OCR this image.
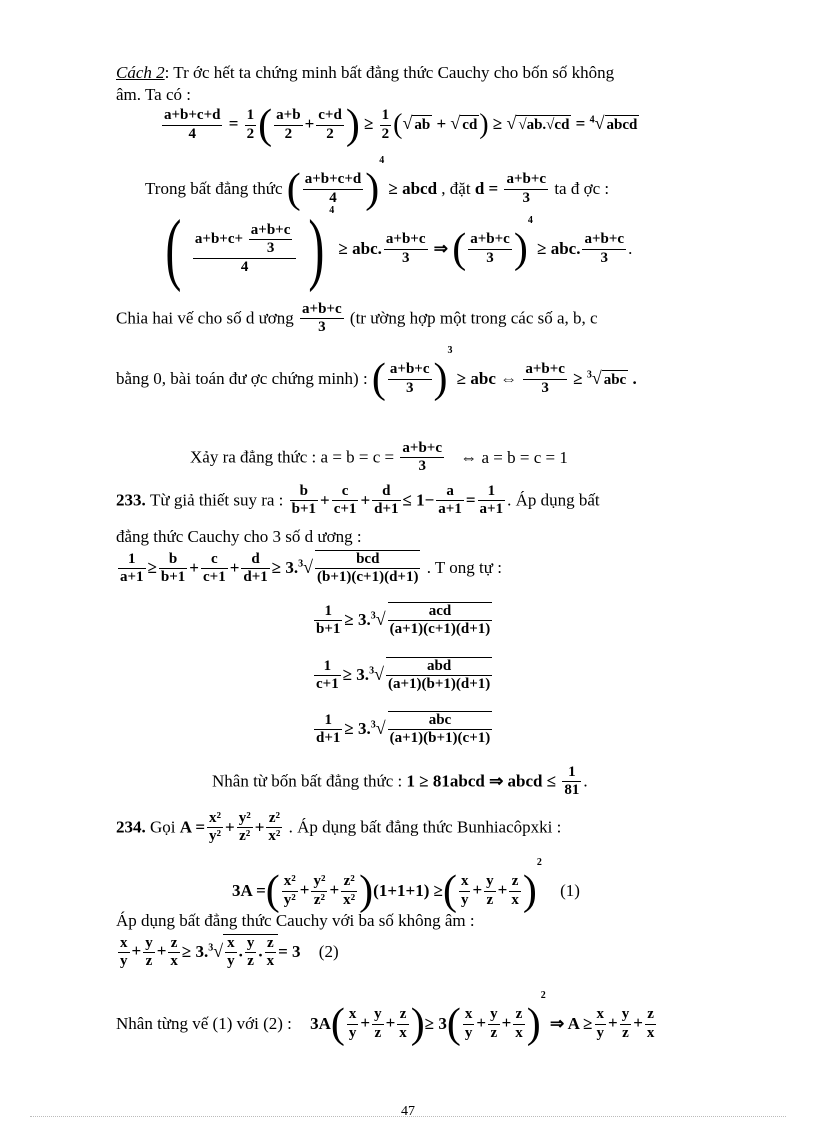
Cách 2: Tr ớc hết ta chứng minh bất đẳng thức Cauchy cho bốn số không
âm. Ta có :
$\frac{a+b+c+d}{4} = \frac{1}{2}$ ( $\frac{a+b}{2} + \frac{c+d}{2}$ ) ≥ $\frac{1}{2}$ (√ ab + √ cd) ≥ √ √ab.√cd = $^4$√ abcd
Trong bất đẳng thức ( $\frac{a+b+c+d}{4} )^4$ ≥ abcd , đặt $d = \frac{a+b+c}{3}$ ta đ ợc :
( $\frac{a+b+c+ \frac{a+b+c}{3}}{4}$ ) $^4$ ≥ abc. $\frac{a+b+c}{3}$ ⇒ ( $\frac{a+b+c}{3} )^4$ ≥ abc. $\frac{a+b+c}{3}$ .
Chia hai vế cho số d ương $\frac{a+b+c}{3} (tr$ ường hợp một trong các số a, b, c
bằng 0, bài toán đư ợc chứng minh) : ( $\frac{a+b+c}{3} )^3$ ≥ abc ⇔ $\frac{a+b+c}{3} \ge ^3√$ abc .
Xảy ra đẳng thức : $a = b = c = \frac{a+b+c}{3}$ ⇔ a = b = c = 1
233. Từ giả thiết suy ra : $\frac{b}{b+1} + \frac{c}{c+1} + \frac{d}{d+1} \le 1- \frac{a}{a+1} = \frac{1}{a+1}$ . Áp dụng bất
đẳng thức Cauchy cho 3 số d ương :
$\frac{1}{a+1} \ge \frac{b}{b+1} + \frac{c}{c+1} + \frac{d}{d+1} \ge 3.^3√ \frac{\text{bcd}}{(b+1)(c+1)(d+1)}$ . T ong tự :
$\frac{1}{b+1} \ge 3.^3√ \frac{\text{acd}}{(a+1)(c+1)(d+1)}$
$\frac{1}{c+1} \ge 3.^3√ \frac{\text{abd}}{(a+1)(b+1)(d+1)}$
$\frac{1}{d+1} \ge 3.^3√ \frac{\text{abc}}{(a+1)(b+1)(c+1)}$
Nhân từ bốn bất đẳng thức : 1 ≥ 81abcd ⇒ abcd ≤ $\frac{1}{81}$ .
234. Gọi $A = \frac{\text{x²}}{\text{y²}} + \frac{\text{y²}}{\text{z²}} + \frac{\text{z²}}{\text{x²}}$ . Áp dụng bất đẳng thức Bunhiacôpxki :
3A =( $\frac{\text{x²}}{\text{y²}} + \frac{\text{y²}}{\text{z²}} + \frac{\text{z²}}{\text{x²}} )(1+1+1)$ ≥( $\frac{x}{y} + \frac{y}{z} + \frac{z}{x} )^2$ (1)
Áp dụng bất đẳng thức Cauchy với ba số không âm :
$\frac{x}{y} + \frac{y}{z} + \frac{z}{x} \ge 3.^3√ \frac{x}{y}$ . $\frac{y}{z}$ . $\frac{z}{x} = 3$ (2)
Nhân từng vế (1) với (2) : $3A( \frac{x}{y} + \frac{y}{z} + \frac{z}{x}$ )≥ $3( \frac{x}{y} + \frac{y}{z} + \frac{z}{x} )^2$ ⇒ $A \ge \frac{x}{y} + \frac{y}{z} + \frac{z}{x}$
47
